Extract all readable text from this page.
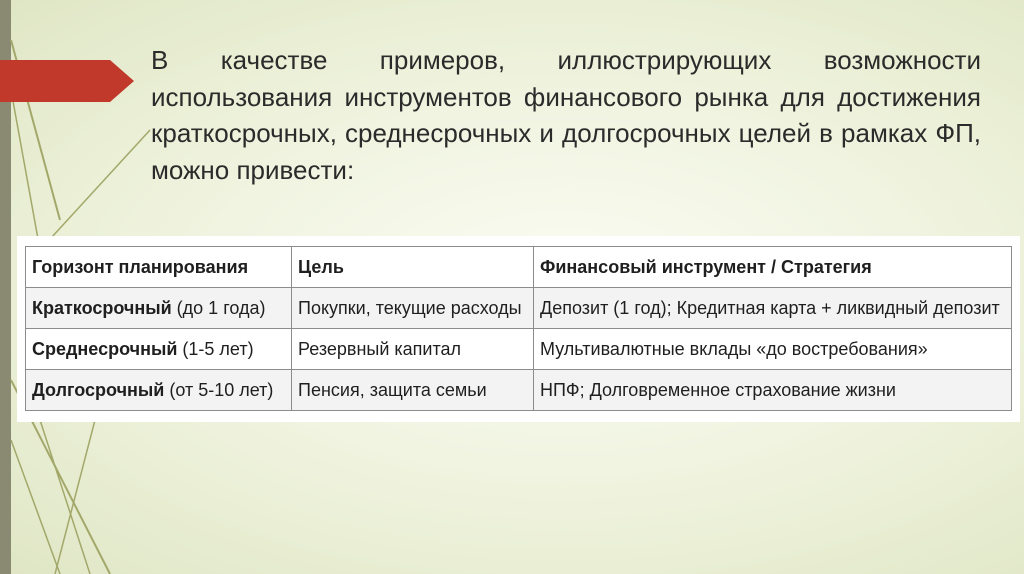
В качестве примеров, иллюстрирующих возможности использования инструментов финансового рынка для достижения краткосрочных, среднесрочных и долгосрочных целей в рамках ФП, можно привести:
Горизонт планирования	Цель	Финансовый инструмент / Стратегия
Краткосрочный (до 1 года)	Покупки, текущие расходы	Депозит (1 год); Кредитная карта + ликвидный депозит
Среднесрочный (1-5 лет)	Резервный капитал	Мультивалютные вклады «до востребования»
Долгосрочный (от 5-10 лет)	Пенсия, защита семьи	НПФ; Долговременное страхование жизни
